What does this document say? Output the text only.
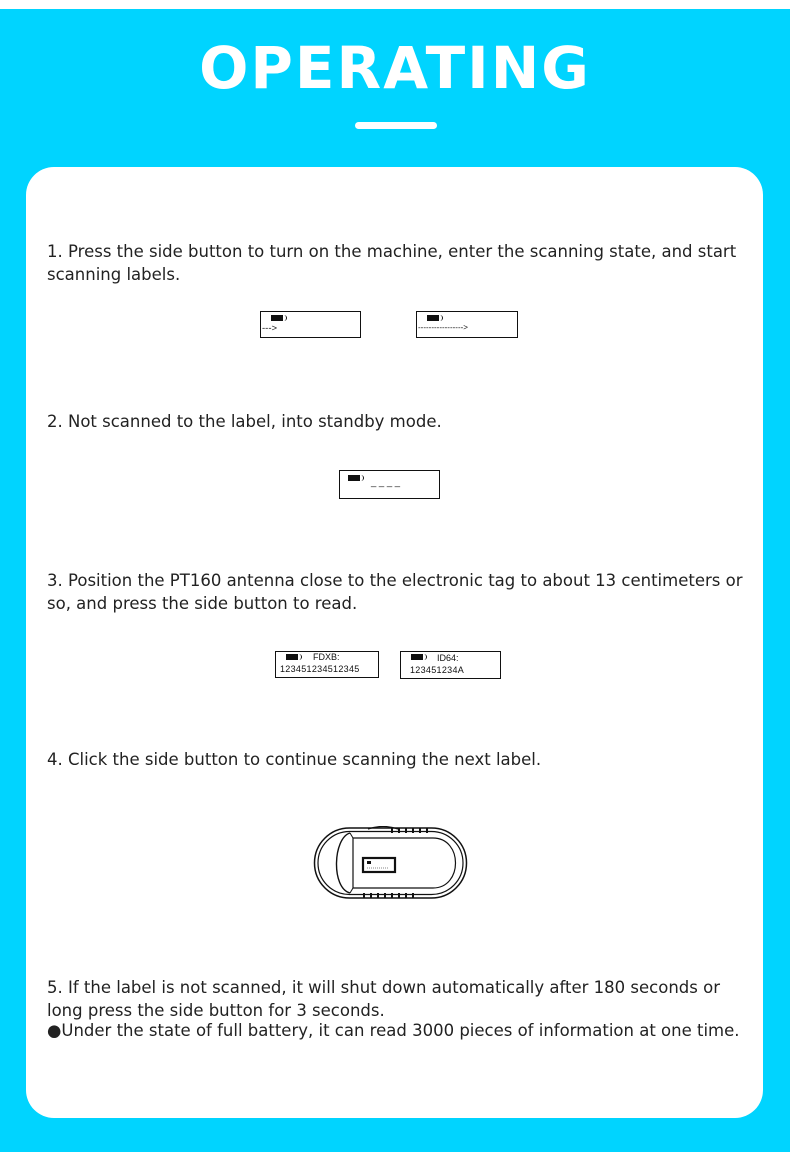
OPERATING
1. Press the side button to turn on the machine, enter the scanning state, and start scanning labels.
--->	----------------->
2. Not scanned to the label, into standby mode.
_ _ _ _
3. Position the PT160 antenna close to the electronic tag to about 13 centimeters or so, and press the side button to read.
FDXB:
123451234512345
ID64:
123451234A
4. Click the side button to continue scanning the next label.
5. If the label is not scanned, it will shut down automatically after 180 seconds or long press the side button for 3 seconds.
●Under the state of full battery, it can read 3000 pieces of information at one time.
